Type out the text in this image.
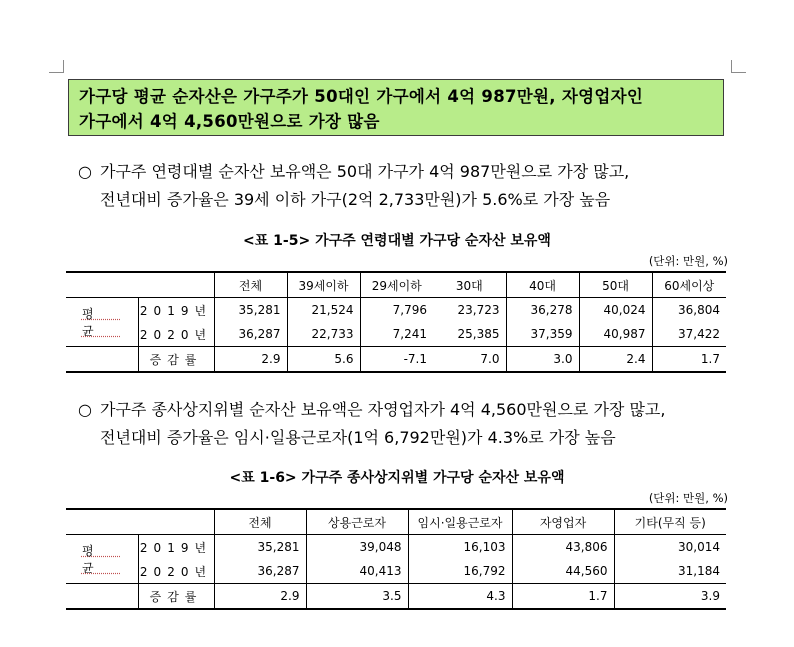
가구당 평균 순자산은 가구주가 50대인 가구에서 4억 987만원, 자영업자인
가구에서 4억 4,560만원으로 가장 많음
○ 가구주 연령대별 순자산 보유액은 50대 가구가 4억 987만원으로 가장 많고,
전년대비 증가율은 39세 이하 가구(2억 2,733만원)가 5.6%로 가장 높음
<표 1-5> 가구주 연령대별 가구당 순자산 보유액
(단위: 만원, %)
		전체	39세이하	29세이하	30대	40대	50대	60세이상
평 균	2019년	35,281	21,524	7,796	23,723	36,278	40,024	36,804
	2020년	36,287	22,733	7,241	25,385	37,359	40,987	37,422
	증감률	2.9	5.6	-7.1	7.0	3.0	2.4	1.7
○ 가구주 종사상지위별 순자산 보유액은 자영업자가 4억 4,560만원으로 가장 많고,
전년대비 증가율은 임시·일용근로자(1억 6,792만원)가 4.3%로 가장 높음
<표 1-6> 가구주 종사상지위별 가구당 순자산 보유액
(단위: 만원, %)
		전체	상용근로자	임시·일용근로자	자영업자	기타(무직 등)
평 균	2019년	35,281	39,048	16,103	43,806	30,014
	2020년	36,287	40,413	16,792	44,560	31,184
	증감률	2.9	3.5	4.3	1.7	3.9
